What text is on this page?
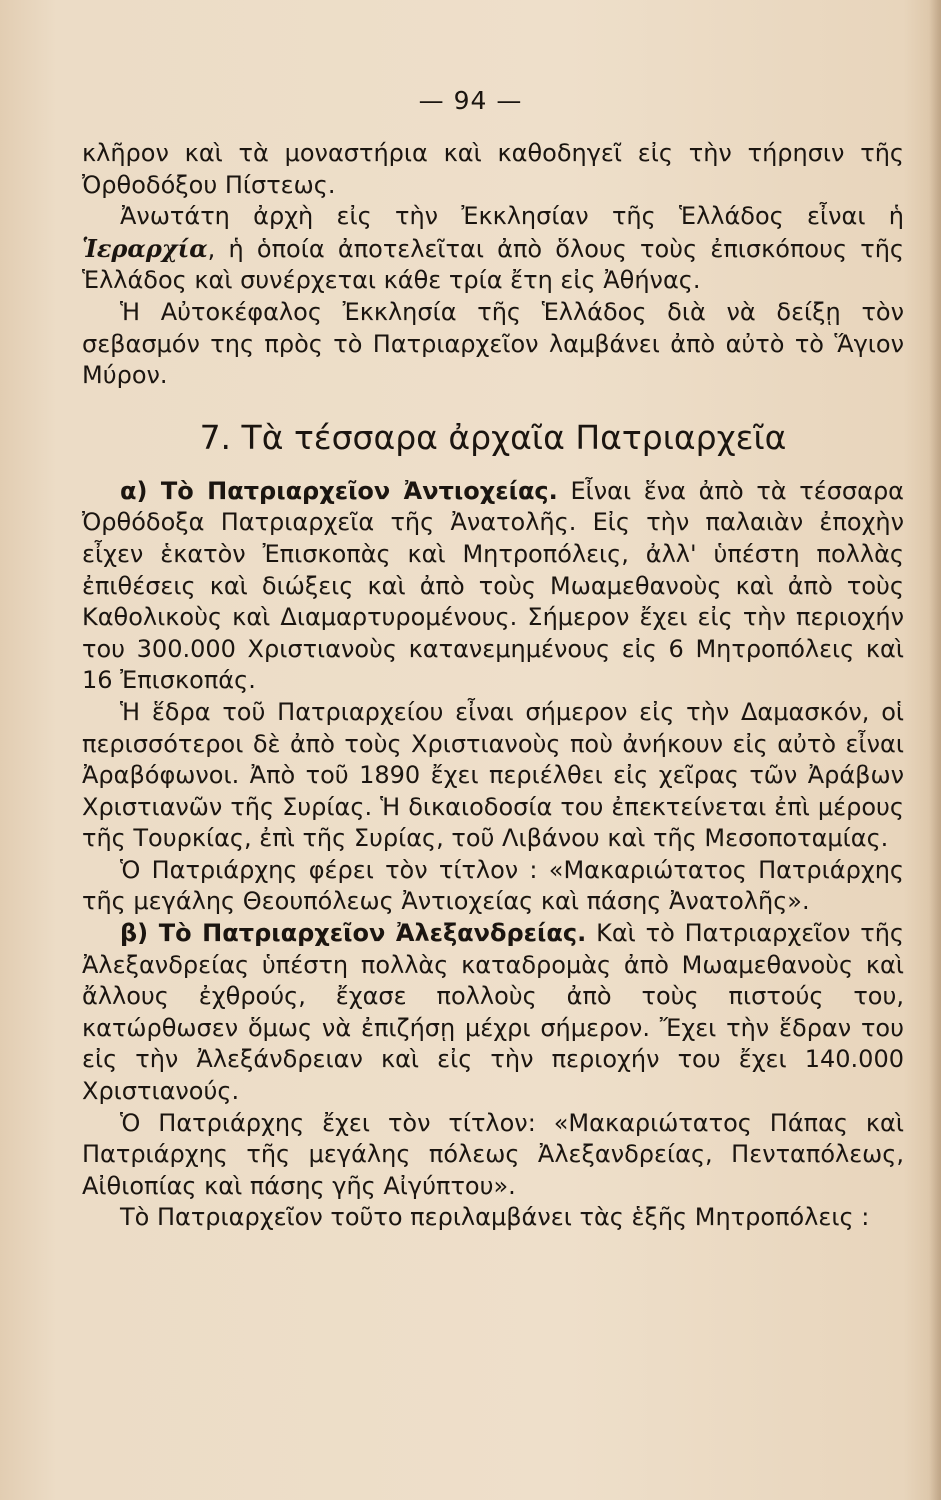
— 94 —

κλῆρον καὶ τὰ μοναστήρια καὶ καθοδηγεῖ εἰς τὴν τήρησιν τῆς Ὀρθοδόξου Πίστεως.

Ἀνωτάτη ἀρχὴ εἰς τὴν Ἐκκλησίαν τῆς Ἑλλάδος εἶναι ἡ Ἱεραρχία, ἡ ὁποία ἀποτελεῖται ἀπὸ ὅλους τοὺς ἐπισκόπους τῆς Ἑλλάδος καὶ συνέρχεται κάθε τρία ἔτη εἰς Ἀθήνας.

Ἡ Αὐτοκέφαλος Ἐκκλησία τῆς Ἑλλάδος διὰ νὰ δείξῃ τὸν σεβασμόν της πρὸς τὸ Πατριαρχεῖον λαμβάνει ἀπὸ αὐτὸ τὸ Ἅγιον Μύρον.

7. Τὰ τέσσαρα ἀρχαῖα Πατριαρχεῖα

α) Τὸ Πατριαρχεῖον Ἀντιοχείας. Εἶναι ἕνα ἀπὸ τὰ τέσσαρα Ὀρθόδοξα Πατριαρχεῖα τῆς Ἀνατολῆς. Εἰς τὴν παλαιὰν ἐποχὴν εἶχεν ἑκατὸν Ἐπισκοπὰς καὶ Μητροπόλεις, ἀλλ' ὑπέστη πολλὰς ἐπιθέσεις καὶ διώξεις καὶ ἀπὸ τοὺς Μωαμεθανοὺς καὶ ἀπὸ τοὺς Καθολικοὺς καὶ Διαμαρτυρομένους. Σήμερον ἔχει εἰς τὴν περιοχήν του 300.000 Χριστιανοὺς κατανεμημένους εἰς 6 Μητροπόλεις καὶ 16 Ἐπισκοπάς.

Ἡ ἕδρα τοῦ Πατριαρχείου εἶναι σήμερον εἰς τὴν Δαμασκόν, οἱ περισσότεροι δὲ ἀπὸ τοὺς Χριστιανοὺς ποὺ ἀνήκουν εἰς αὐτὸ εἶναι Ἀραβόφωνοι. Ἀπὸ τοῦ 1890 ἔχει περιέλθει εἰς χεῖρας τῶν Ἀράβων Χριστιανῶν τῆς Συρίας. Ἡ δικαιοδοσία του ἐπεκτείνεται ἐπὶ μέρους τῆς Τουρκίας, ἐπὶ τῆς Συρίας, τοῦ Λιβάνου καὶ τῆς Μεσοποταμίας.

Ὁ Πατριάρχης φέρει τὸν τίτλον : «Μακαριώτατος Πατριάρχης τῆς μεγάλης Θεουπόλεως Ἀντιοχείας καὶ πάσης Ἀνατολῆς».

β) Τὸ Πατριαρχεῖον Ἀλεξανδρείας. Καὶ τὸ Πατριαρχεῖον τῆς Ἀλεξανδρείας ὑπέστη πολλὰς καταδρομὰς ἀπὸ Μωαμεθανοὺς καὶ ἄλλους ἐχθρούς, ἔχασε πολλοὺς ἀπὸ τοὺς πιστούς του, κατώρθωσεν ὅμως νὰ ἐπιζήσῃ μέχρι σήμερον. Ἔχει τὴν ἕδραν του εἰς τὴν Ἀλεξάνδρειαν καὶ εἰς τὴν περιοχήν του ἔχει 140.000 Χριστιανούς.

Ὁ Πατριάρχης ἔχει τὸν τίτλον: «Μακαριώτατος Πάπας καὶ Πατριάρχης τῆς μεγάλης πόλεως Ἀλεξανδρείας, Πενταπόλεως, Αἰθιοπίας καὶ πάσης γῆς Αἰγύπτου».

Τὸ Πατριαρχεῖον τοῦτο περιλαμβάνει τὰς ἑξῆς Μητροπόλεις :
